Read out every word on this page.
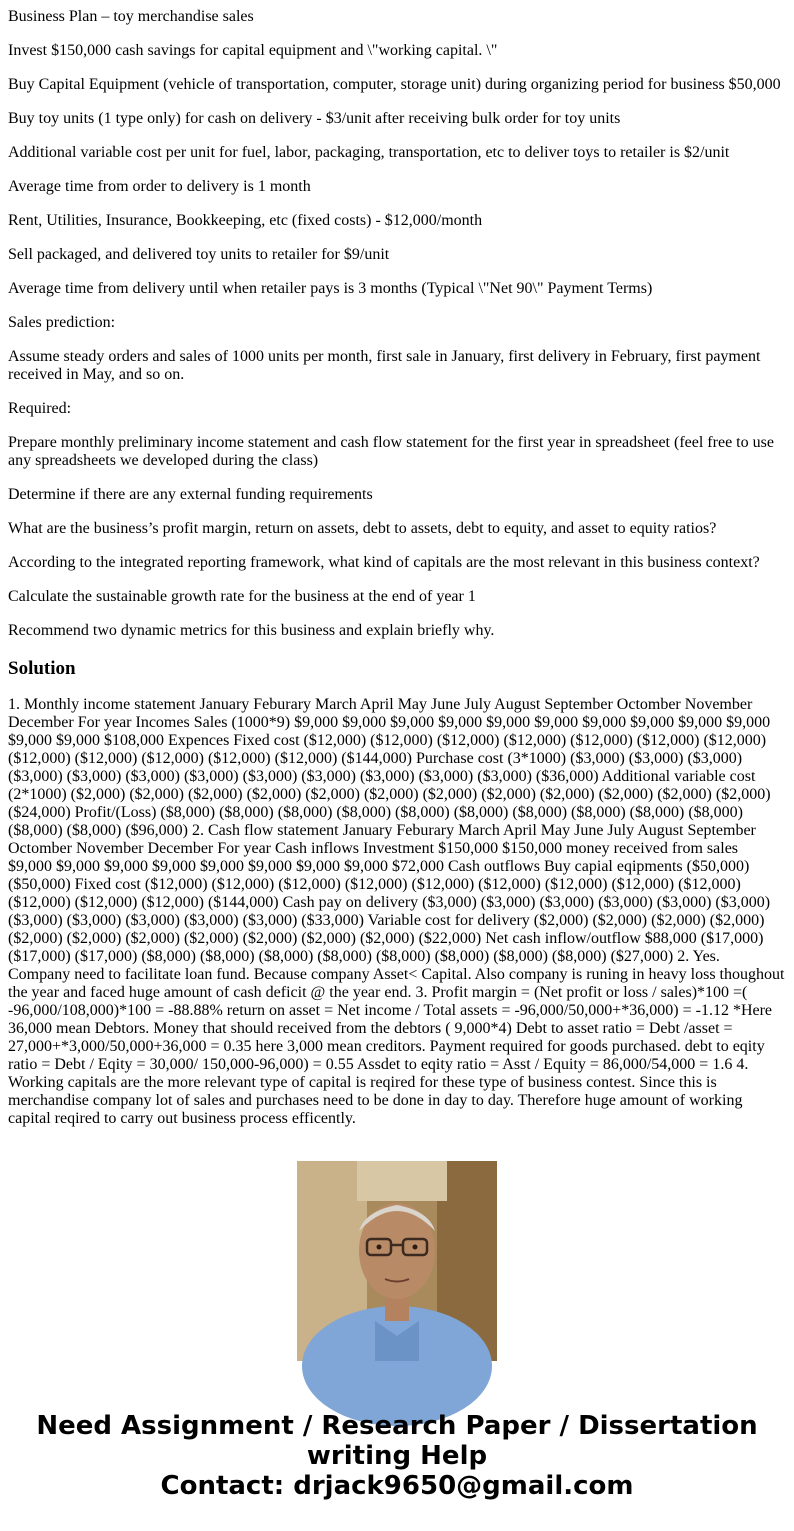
Business Plan – toy merchandise sales

Invest $150,000 cash savings for capital equipment and \"working capital. \"

Buy Capital Equipment (vehicle of transportation, computer, storage unit) during organizing period for business $50,000

Buy toy units (1 type only) for cash on delivery - $3/unit after receiving bulk order for toy units

Additional variable cost per unit for fuel, labor, packaging, transportation, etc to deliver toys to retailer is $2/unit

Average time from order to delivery is 1 month

Rent, Utilities, Insurance, Bookkeeping, etc (fixed costs) - $12,000/month

Sell packaged, and delivered toy units to retailer for $9/unit

Average time from delivery until when retailer pays is 3 months (Typical \"Net 90\" Payment Terms)

Sales prediction:

Assume steady orders and sales of 1000 units per month, first sale in January, first delivery in February, first payment received in May, and so on.

Required:

Prepare monthly preliminary income statement and cash flow statement for the first year in spreadsheet (feel free to use any spreadsheets we developed during the class)

Determine if there are any external funding requirements

What are the business’s profit margin, return on assets, debt to assets, debt to equity, and asset to equity ratios?

According to the integrated reporting framework, what kind of capitals are the most relevant in this business context?

Calculate the sustainable growth rate for the business at the end of year 1

Recommend two dynamic metrics for this business and explain briefly why.

Solution
1. Monthly income statement January Feburary March April May June July August September Octomber November December For year Incomes Sales (1000*9) $9,000 $9,000 $9,000 $9,000 $9,000 $9,000 $9,000 $9,000 $9,000 $9,000 $9,000 $9,000 $108,000 Expences Fixed cost ($12,000) ($12,000) ($12,000) ($12,000) ($12,000) ($12,000) ($12,000) ($12,000) ($12,000) ($12,000) ($12,000) ($12,000) ($144,000) Purchase cost (3*1000) ($3,000) ($3,000) ($3,000) ($3,000) ($3,000) ($3,000) ($3,000) ($3,000) ($3,000) ($3,000) ($3,000) ($3,000) ($36,000) Additional variable cost (2*1000) ($2,000) ($2,000) ($2,000) ($2,000) ($2,000) ($2,000) ($2,000) ($2,000) ($2,000) ($2,000) ($2,000) ($2,000) ($24,000) Profit/(Loss) ($8,000) ($8,000) ($8,000) ($8,000) ($8,000) ($8,000) ($8,000) ($8,000) ($8,000) ($8,000) ($8,000) ($8,000) ($96,000) 2. Cash flow statement January Feburary March April May June July August September Octomber November December For year Cash inflows Investment $150,000 $150,000 money received from sales $9,000 $9,000 $9,000 $9,000 $9,000 $9,000 $9,000 $9,000 $72,000 Cash outflows Buy capial eqipments ($50,000) ($50,000) Fixed cost ($12,000) ($12,000) ($12,000) ($12,000) ($12,000) ($12,000) ($12,000) ($12,000) ($12,000) ($12,000) ($12,000) ($12,000) ($144,000) Cash pay on delivery ($3,000) ($3,000) ($3,000) ($3,000) ($3,000) ($3,000) ($3,000) ($3,000) ($3,000) ($3,000) ($3,000) ($33,000) Variable cost for delivery ($2,000) ($2,000) ($2,000) ($2,000) ($2,000) ($2,000) ($2,000) ($2,000) ($2,000) ($2,000) ($2,000) ($22,000) Net cash inflow/outflow $88,000 ($17,000) ($17,000) ($17,000) ($8,000) ($8,000) ($8,000) ($8,000) ($8,000) ($8,000) ($8,000) ($8,000) ($27,000) 2. Yes. Company need to facilitate loan fund. Because company Asset< Capital. Also company is runing in heavy loss thoughout the year and faced huge amount of cash deficit @ the year end. 3. Profit margin = (Net profit or loss / sales)*100 =( -96,000/108,000)*100 = -88.88% return on asset = Net income / Total assets = -96,000/50,000+*36,000) = -1.12 *Here 36,000 mean Debtors. Money that should received from the debtors ( 9,000*4) Debt to asset ratio = Debt /asset = 27,000+*3,000/50,000+36,000 = 0.35 here 3,000 mean creditors. Payment required for goods purchased. debt to eqity ratio = Debt / Eqity = 30,000/ 150,000-96,000) = 0.55 Assdet to eqity ratio = Asst / Equity = 86,000/54,000 = 1.6 4. Working capitals are the more relevant type of capital is reqired for these type of business contest. Since this is merchandise company lot of sales and purchases need to be done in day to day. Therefore huge amount of working capital reqired to carry out business process efficently.
Need Assignment / Research Paper / Dissertation
writing Help
Contact: drjack9650@gmail.com
